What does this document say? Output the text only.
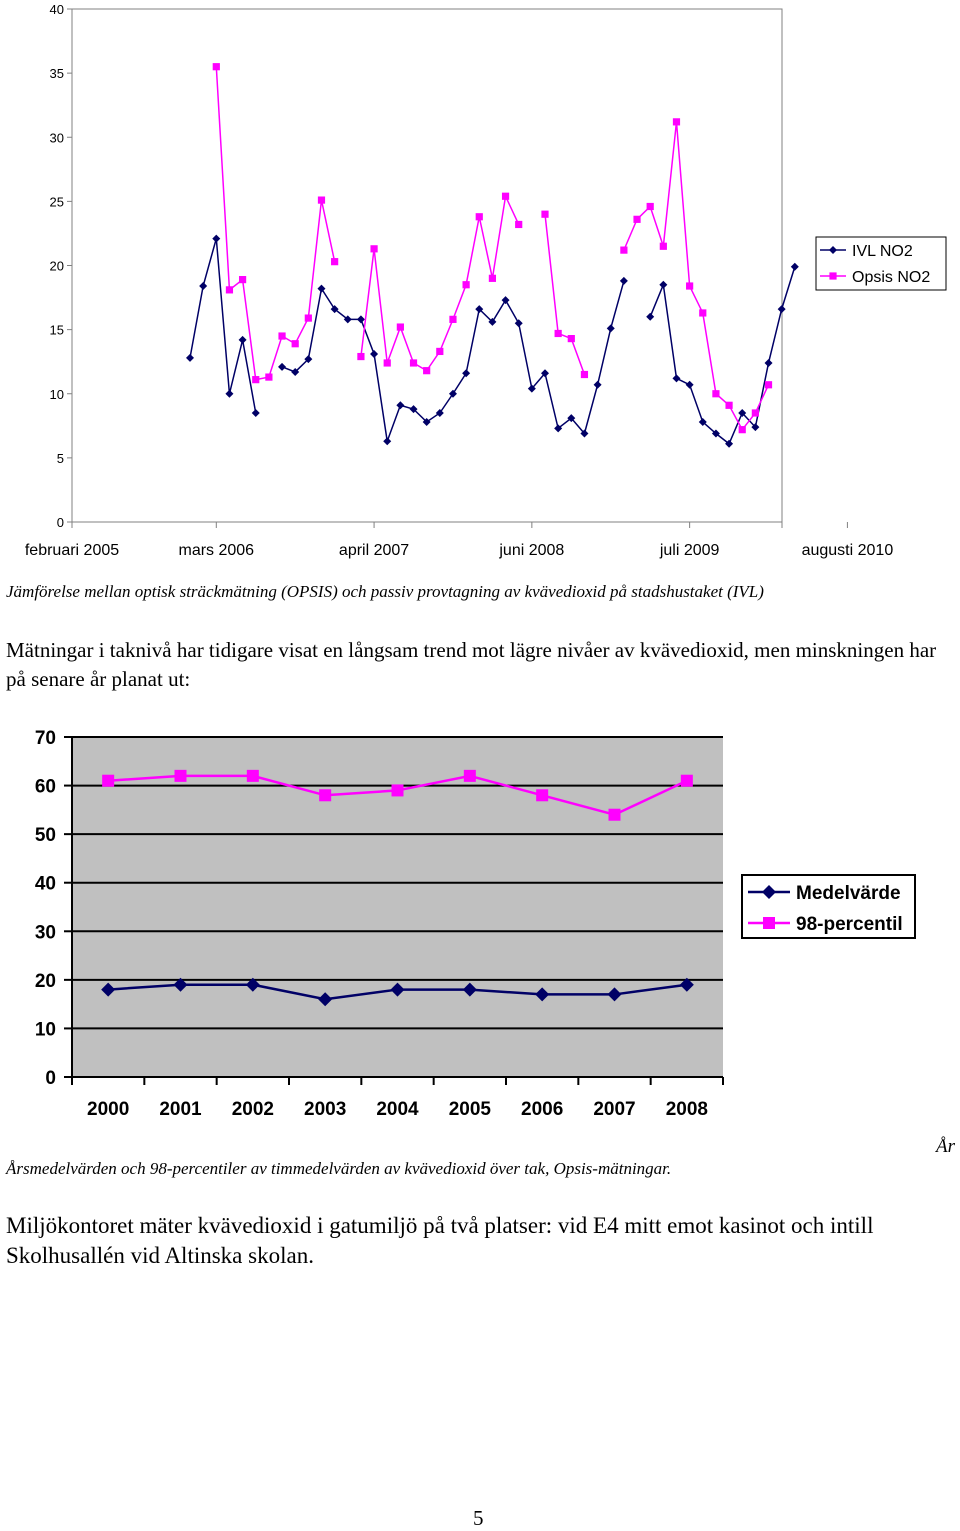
0
5
10
15
20
25
30
35
40
februari 2005	mars 2006	april 2007	juni 2008	juli 2009	augusti 2010
IVL NO2
Opsis NO2
Jämförelse mellan optisk sträckmätning (OPSIS) och passiv provtagning av kvävedioxid på stadshustaket (IVL)
Mätningar i taknivå har tidigare visat en långsam trend mot lägre nivåer av kvävedioxid, men minskningen har på senare år planat ut:
0
10
20
30
40
50
60
70
2000 2001 2002 2003 2004 2005 2006 2007 2008
Medelvärde
98-percentil
År
Årsmedelvärden och 98-percentiler av timmedelvärden av kvävedioxid över tak, Opsis-mätningar.
Miljökontoret mäter kvävedioxid i gatumiljö på två platser: vid E4 mitt emot kasinot och intill Skolhusallén vid Altinska skolan.
5
